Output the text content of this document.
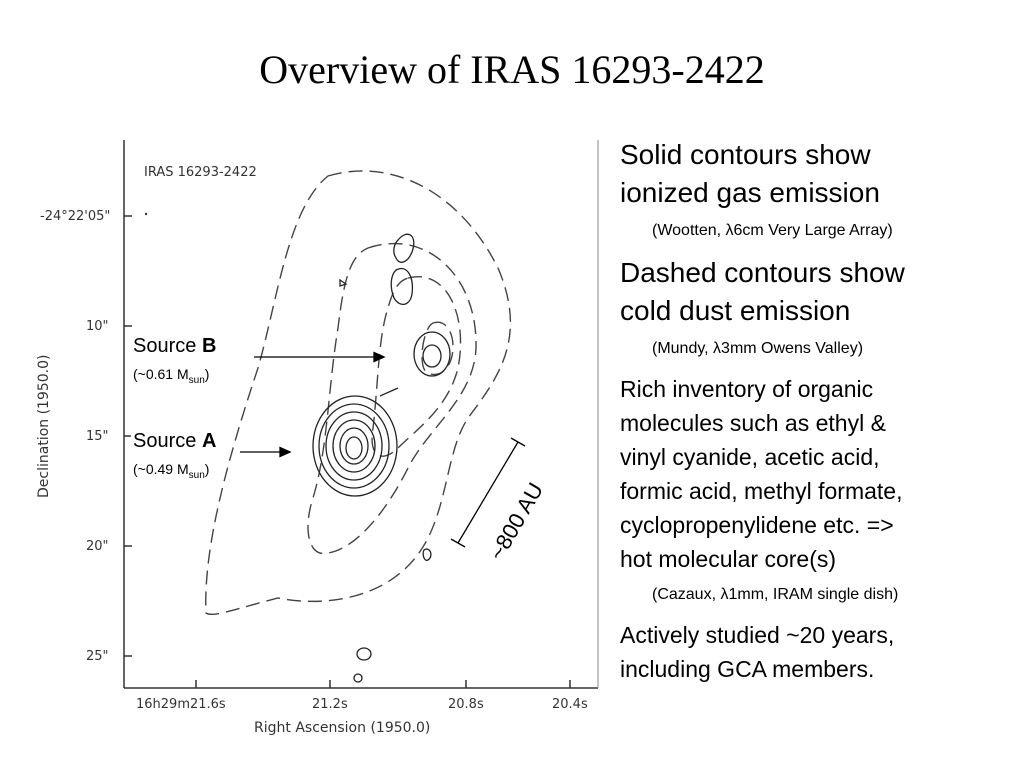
Overview of IRAS 16293-2422
-24°22'05"
10"
15"
20"
25"
16h29m21.6s	21.2s	20.8s	20.4s
Right Ascension (1950.0)
IRAS 16293-2422
Declination (1950.0)
Source B
(~0.61 $M_{sun}$)
Source A
(~0.49 $M_{sun}$)
~800 AU
Solid contours show
ionized gas emission
(Wootten, λ6cm Very Large Array)
Dashed contours show
cold dust emission
(Mundy, λ3mm Owens Valley)
Rich inventory of organic
molecules such as ethyl &
vinyl cyanide, acetic acid,
formic acid, methyl formate,
cyclopropenylidene etc. =>
hot molecular core(s)
(Cazaux, λ1mm, IRAM single dish)
Actively studied ~20 years,
including GCA members.
